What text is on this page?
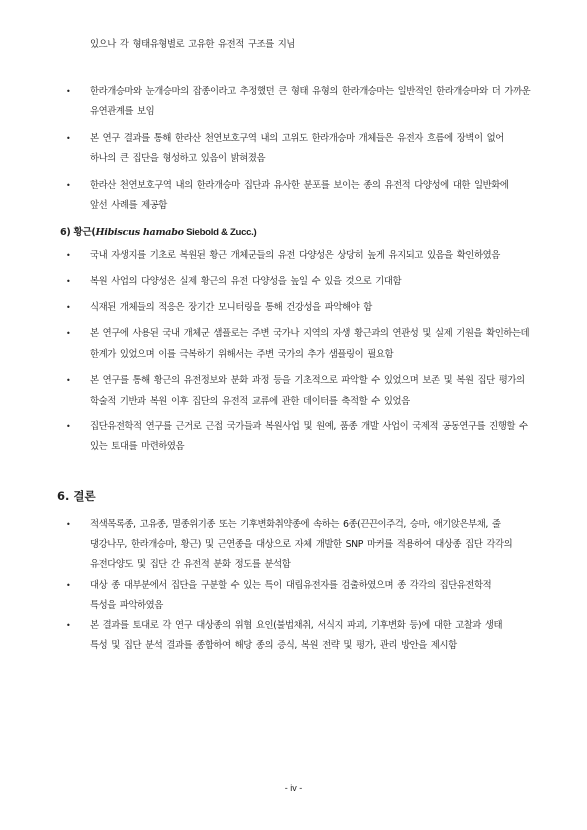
있으나 각 형태유형별로 고유한 유전적 구조를 지님
• 한라개승마와 눈개승마의 잡종이라고 추정했던 큰 형태 유형의 한라개승마는 일반적인 한라개승마와 더 가까운
유연관계를 보임
• 본 연구 결과를 통해 한라산 천연보호구역 내의 고위도 한라개승마 개체들은 유전자 흐름에 장벽이 없어
하나의 큰 집단을 형성하고 있음이 밝혀졌음
• 한라산 천연보호구역 내의 한라개승마 집단과 유사한 분포를 보이는 종의 유전적 다양성에 대한 일반화에
앞선 사례를 제공함
6) 황근(Hibiscus hamabo Siebold & Zucc.)
• 국내 자생지를 기초로 복원된 황근 개체군들의 유전 다양성은 상당히 높게 유지되고 있음을 확인하였음
• 복원 사업의 다양성은 실제 황근의 유전 다양성을 높일 수 있을 것으로 기대함
• 식재된 개체들의 적응은 장기간 모니터링을 통해 건강성을 파악해야 함
• 본 연구에 사용된 국내 개체군 샘플로는 주변 국가나 지역의 자생 황근과의 연관성 및 실제 기원을 확인하는데
한계가 있었으며 이를 극복하기 위해서는 주변 국가의 추가 샘플링이 필요함
• 본 연구를 통해 황근의 유전정보와 분화 과정 등을 기초적으로 파악할 수 있었으며 보존 및 복원 집단 평가의
학술적 기반과 복원 이후 집단의 유전적 교류에 관한 데이터를 축적할 수 있었음
• 집단유전학적 연구를 근거로 근접 국가들과 복원사업 및 원예, 품종 개발 사업이 국제적 공동연구를 진행할 수
있는 토대를 마련하였음
6. 결론
• 적색목록종, 고유종, 멸종위기종 또는 기후변화취약종에 속하는 6종(끈끈이주걱, 승마, 애기앉은부채, 줄
댕강나무, 한라개승마, 황근) 및 근연종을 대상으로 자체 개발한 SNP 마커를 적용하여 대상종 집단 각각의
유전다양도 및 집단 간 유전적 분화 정도를 분석함
• 대상 종 대부분에서 집단을 구분할 수 있는 특이 대립유전자를 검출하였으며 종 각각의 집단유전학적
특성을 파악하였음
• 본 결과를 토대로 각 연구 대상종의 위협 요인(불법채취, 서식지 파괴, 기후변화 등)에 대한 고찰과 생태
특성 및 집단 분석 결과를 종합하여 해당 종의 증식, 복원 전략 및 평가, 관리 방안을 제시함
- iv -
